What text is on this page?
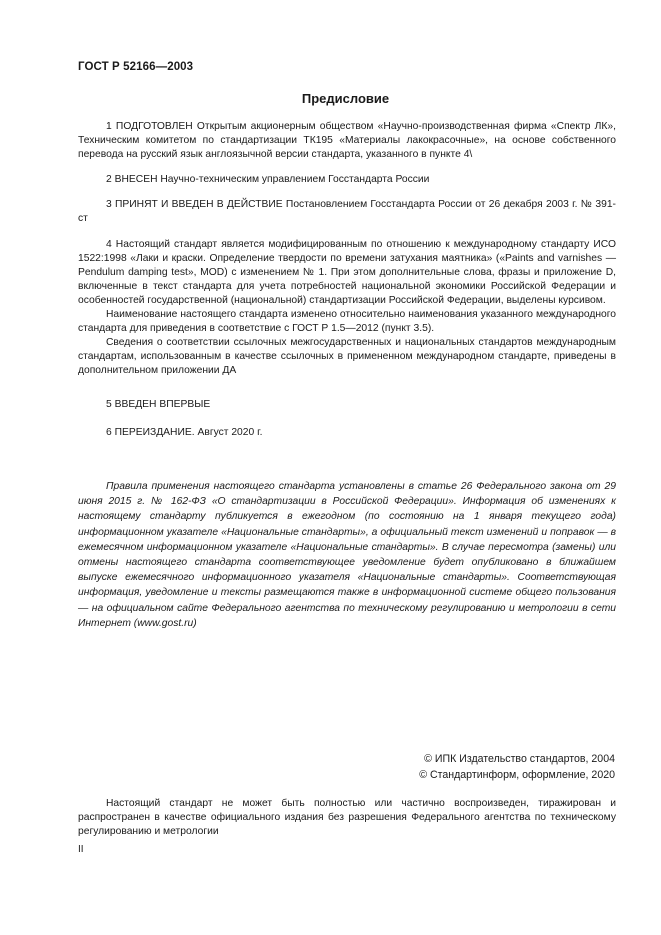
ГОСТ Р 52166—2003
Предисловие

1 ПОДГОТОВЛЕН Открытым акционерным обществом «Научно-производственная фирма «Спектр ЛК», Техническим комитетом по стандартизации ТК195 «Материалы лакокрасочные», на основе собственного перевода на русский язык англоязычной версии стандарта, указанного в пункте 4\

2 ВНЕСЕН Научно-техническим управлением Госстандарта России

3 ПРИНЯТ И ВВЕДЕН В ДЕЙСТВИЕ Постановлением Госстандарта России от 26 декабря 2003 г. № 391-ст

4 Настоящий стандарт является модифицированным по отношению к международному стандарту ИСО 1522:1998 «Лаки и краски. Определение твердости по времени затухания маятника» («Paints and varnishes — Pendulum damping test», MOD) с изменением № 1. При этом дополнительные слова, фразы и приложение D, включенные в текст стандарта для учета потребностей национальной экономики Российской Федерации и особенностей государственной (национальной) стандартизации Российской Федерации, выделены курсивом.

Наименование настоящего стандарта изменено относительно наименования указанного международного стандарта для приведения в соответствие с ГОСТ Р 1.5—2012 (пункт 3.5).

Сведения о соответствии ссылочных межгосударственных и национальных стандартов международным стандартам, использованным в качестве ссылочных в примененном международном стандарте, приведены в дополнительном приложении ДА

5 ВВЕДЕН ВПЕРВЫЕ

6 ПЕРЕИЗДАНИЕ. Август 2020 г.

Правила применения настоящего стандарта установлены в статье 26 Федерального закона от 29 июня 2015 г. № 162-ФЗ «О стандартизации в Российской Федерации». Информация об изменениях к настоящему стандарту публикуется в ежегодном (по состоянию на 1 января текущего года) информационном указателе «Национальные стандарты», а официальный текст изменений и поправок — в ежемесячном информационном указателе «Национальные стандарты». В случае пересмотра (замены) или отмены настоящего стандарта соответствующее уведомление будет опубликовано в ближайшем выпуске ежемесячного информационного указателя «Национальные стандарты». Соответствующая информация, уведомление и тексты размещаются также в информационной системе общего пользования — на официальном сайте Федерального агентства по техническому регулированию и метрологии в сети Интернет (www.gost.ru)

© ИПК Издательство стандартов, 2004
© Стандартинформ, оформление, 2020

Настоящий стандарт не может быть полностью или частично воспроизведен, тиражирован и распространен в качестве официального издания без разрешения Федерального агентства по техническому регулированию и метрологии

II
